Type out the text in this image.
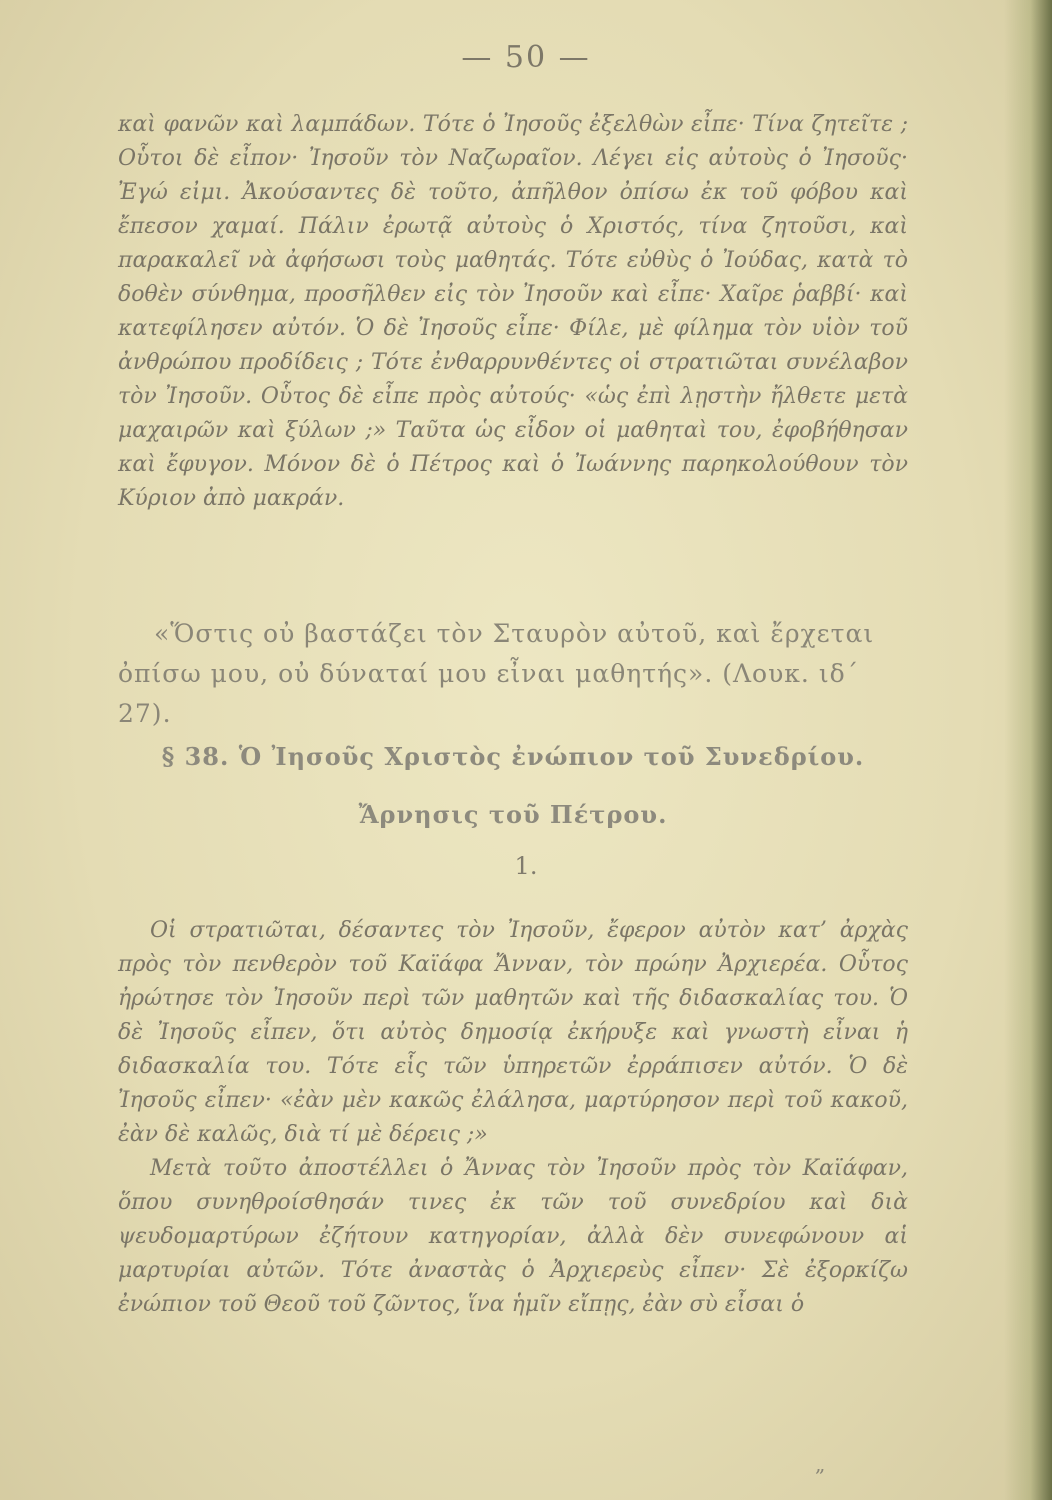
— 50 —

καὶ φανῶν καὶ λαμπάδων. Τότε ὁ Ἰησοῦς ἐξελθὼν εἶπε· Τίνα ζητεῖτε ; Οὗτοι δὲ εἶπον· Ἰησοῦν τὸν Ναζωραῖον. Λέγει εἰς αὐτοὺς ὁ Ἰησοῦς· Ἐγώ εἰμι. Ἀκούσαντες δὲ τοῦτο, ἀπῆλθον ὀπίσω ἐκ τοῦ φόβου καὶ ἔπεσον χαμαί. Πάλιν ἐρωτᾷ αὐτοὺς ὁ Χριστός, τίνα ζητοῦσι, καὶ παρακαλεῖ νὰ ἀφήσωσι τοὺς μαθητάς. Τότε εὐθὺς ὁ Ἰούδας, κατὰ τὸ δοθὲν σύνθημα, προσῆλθεν εἰς τὸν Ἰησοῦν καὶ εἶπε· Χαῖρε ῥαββί· καὶ κατεφίλησεν αὐτόν. Ὁ δὲ Ἰησοῦς εἶπε· Φίλε, μὲ φίλημα τὸν υἱὸν τοῦ ἀνθρώπου προδίδεις ; Τότε ἐνθαρρυνθέντες οἱ στρατιῶται συνέλαβον τὸν Ἰησοῦν. Οὗτος δὲ εἶπε πρὸς αὐτούς· «ὡς ἐπὶ λῃστὴν ἤλθετε μετὰ μαχαιρῶν καὶ ξύλων ;» Ταῦτα ὡς εἶδον οἱ μαθηταὶ του, ἐφοβήθησαν καὶ ἔφυγον. Μόνον δὲ ὁ Πέτρος καὶ ὁ Ἰωάννης παρηκολούθουν τὸν Κύριον ἀπὸ μακράν.

«Ὅστις οὐ βαστάζει τὸν Σταυρὸν αὐτοῦ, καὶ ἔρχεται ὀπίσω μου, οὐ δύναταί μου εἶναι μαθητής». (Λουκ. ιδ΄ 27).
§ 38. Ὁ Ἰησοῦς Χριστὸς ἐνώπιον τοῦ Συνεδρίου.
Ἄρνησις τοῦ Πέτρου.
1.

Οἱ στρατιῶται, δέσαντες τὸν Ἰησοῦν, ἔφερον αὐτὸν κατ’ ἀρχὰς πρὸς τὸν πενθερὸν τοῦ Καϊάφα Ἄνναν, τὸν πρώην Ἀρχιερέα. Οὗτος ἠρώτησε τὸν Ἰησοῦν περὶ τῶν μαθητῶν καὶ τῆς διδασκαλίας του. Ὁ δὲ Ἰησοῦς εἶπεν, ὅτι αὐτὸς δημοσίᾳ ἐκήρυξε καὶ γνωστὴ εἶναι ἡ διδασκαλία του. Τότε εἷς τῶν ὑπηρετῶν ἐρράπισεν αὐτόν. Ὁ δὲ Ἰησοῦς εἶπεν· «ἐὰν μὲν κακῶς ἐλάλησα, μαρτύρησον περὶ τοῦ κακοῦ, ἐὰν δὲ καλῶς, διὰ τί μὲ δέρεις ;»

Μετὰ τοῦτο ἀποστέλλει ὁ Ἄννας τὸν Ἰησοῦν πρὸς τὸν Καϊάφαν, ὅπου συνηθροίσθησάν τινες ἐκ τῶν τοῦ συνεδρίου καὶ διὰ ψευδομαρτύρων ἐζήτουν κατηγορίαν, ἀλλὰ δὲν συνεφώνουν αἱ μαρτυρίαι αὐτῶν. Τότε ἀναστὰς ὁ Ἀρχιερεὺς εἶπεν· Σὲ ἐξορκίζω ἐνώπιον τοῦ Θεοῦ τοῦ ζῶντος, ἵνα ἡμῖν εἴπῃς, ἐὰν σὺ εἶσαι ὁ

„
